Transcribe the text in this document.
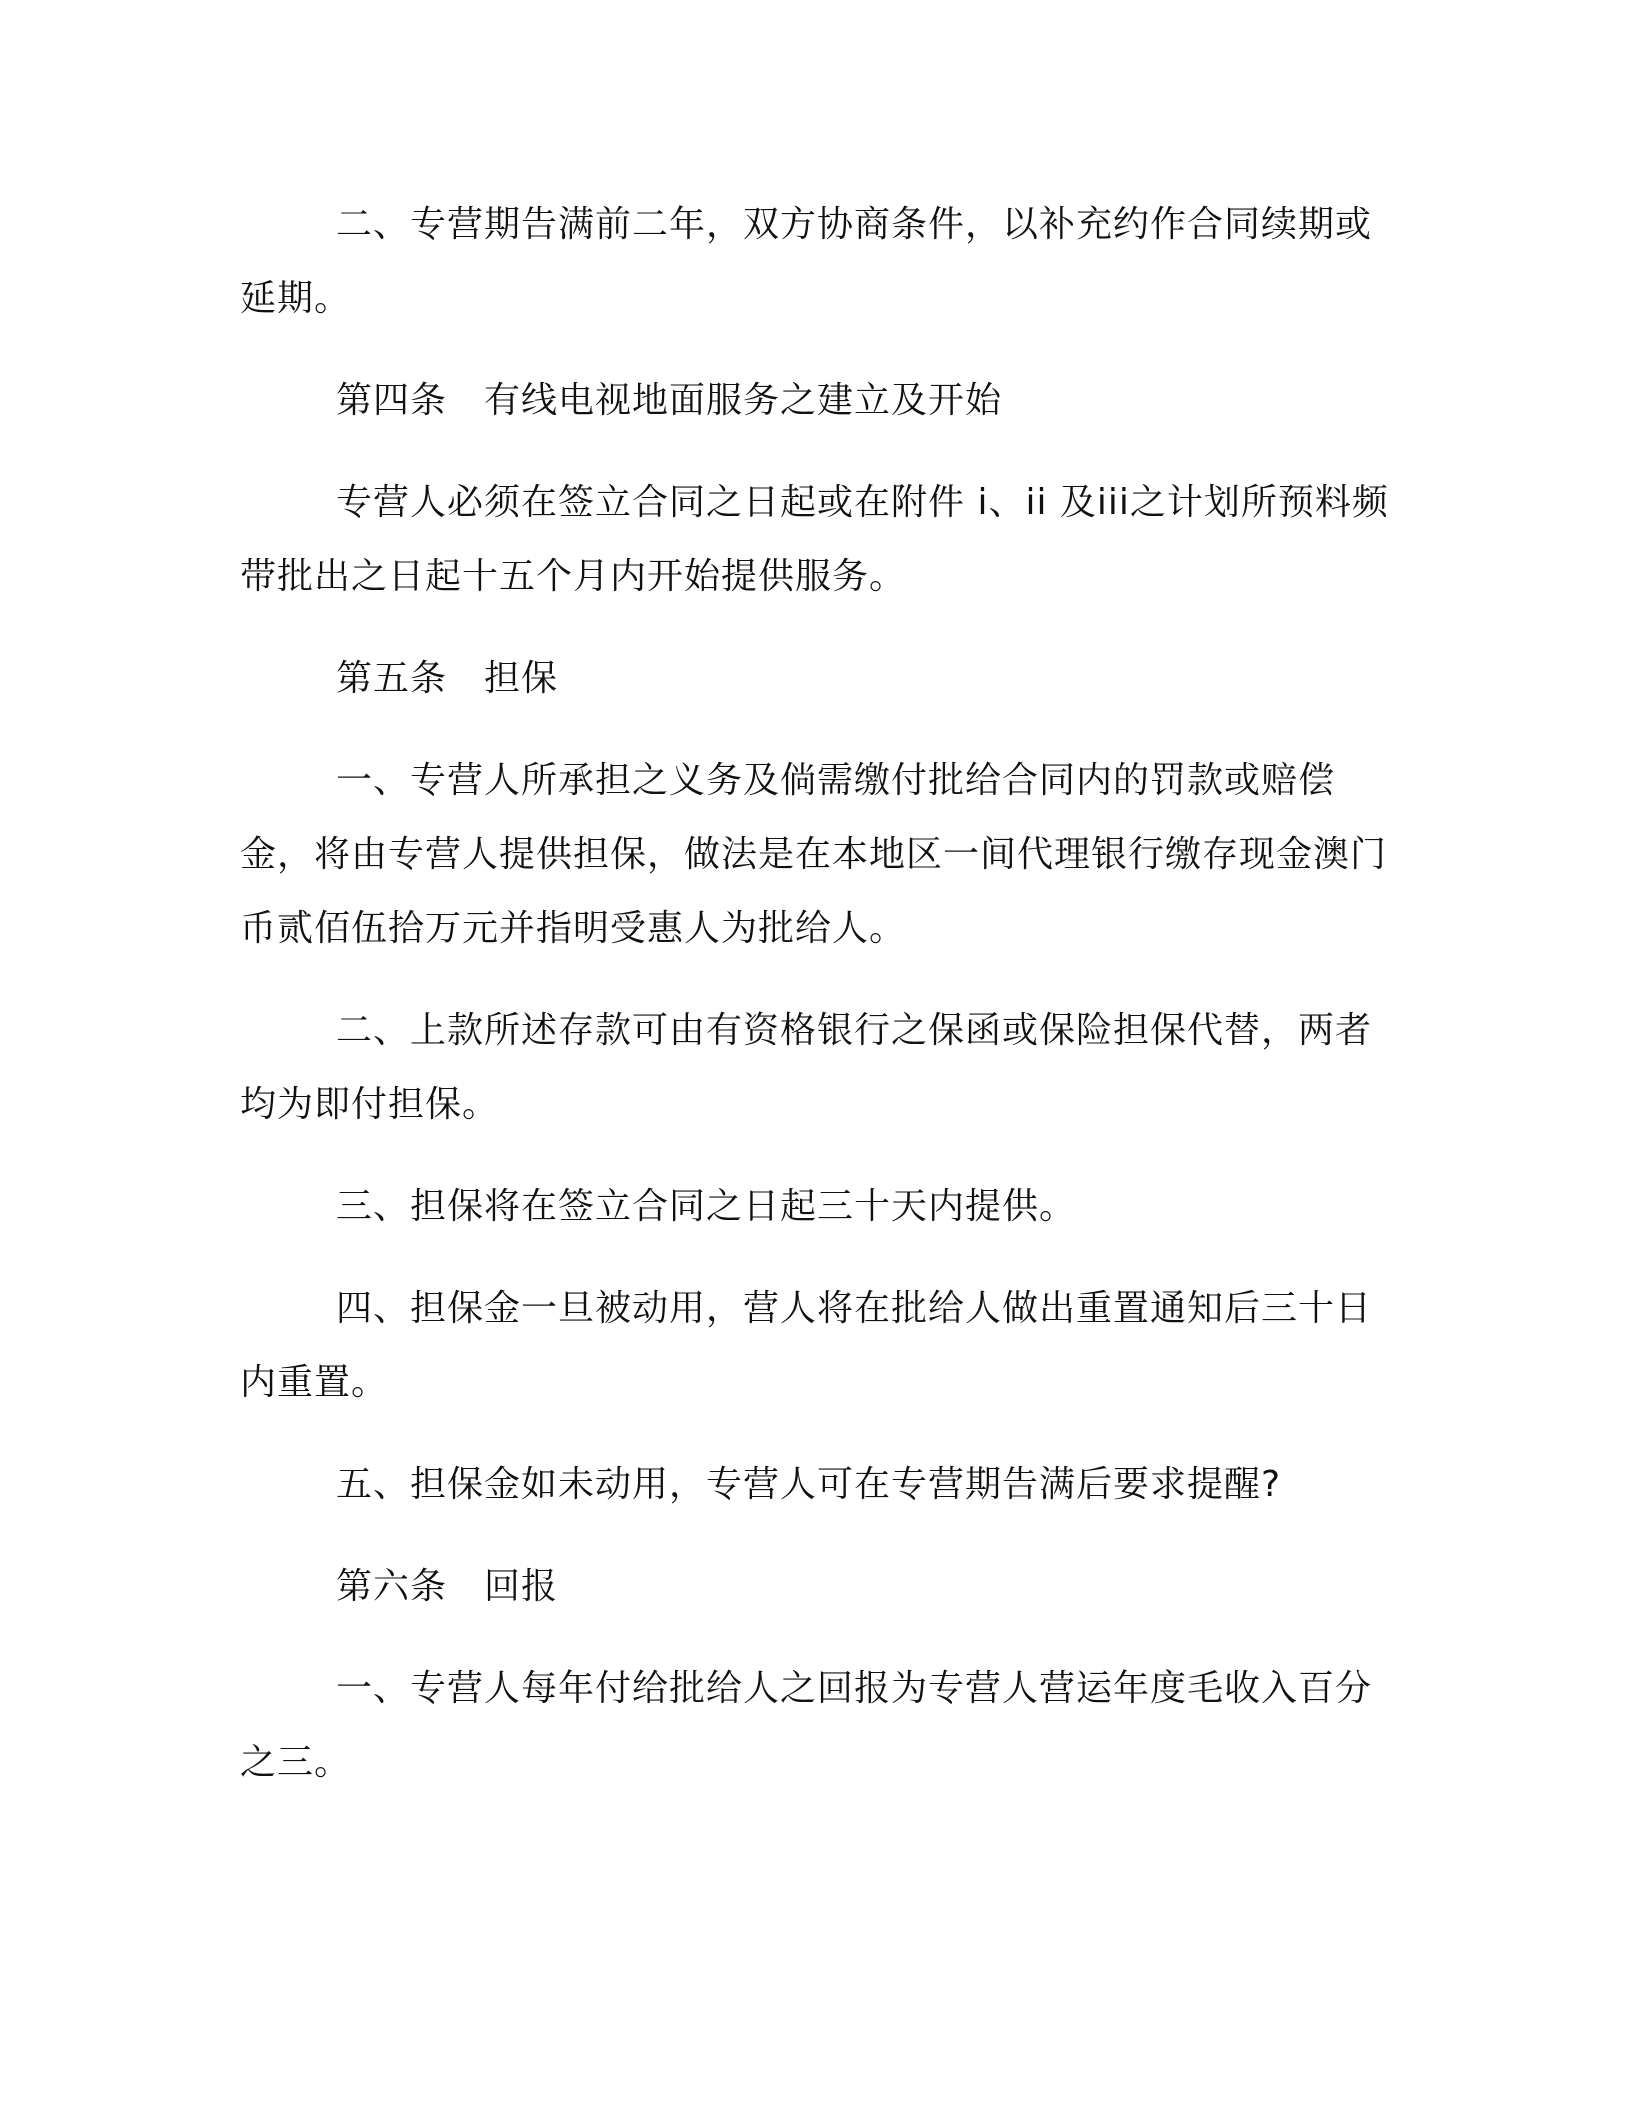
二、专营期告满前二年，双方协商条件，以补充约作合同续期或延期。

第四条　有线电视地面服务之建立及开始

专营人必须在签立合同之日起或在附件 i、ii 及iii之计划所预料频带批出之日起十五个月内开始提供服务。

第五条　担保

一、专营人所承担之义务及倘需缴付批给合同内的罚款或赔偿金，将由专营人提供担保，做法是在本地区一间代理银行缴存现金澳门币贰佰伍拾万元并指明受惠人为批给人。

二、上款所述存款可由有资格银行之保函或保险担保代替，两者均为即付担保。

三、担保将在签立合同之日起三十天内提供。

四、担保金一旦被动用，营人将在批给人做出重置通知后三十日内重置。

五、担保金如未动用，专营人可在专营期告满后要求提醒?

第六条　回报

一、专营人每年付给批给人之回报为专营人营运年度毛收入百分之三。
